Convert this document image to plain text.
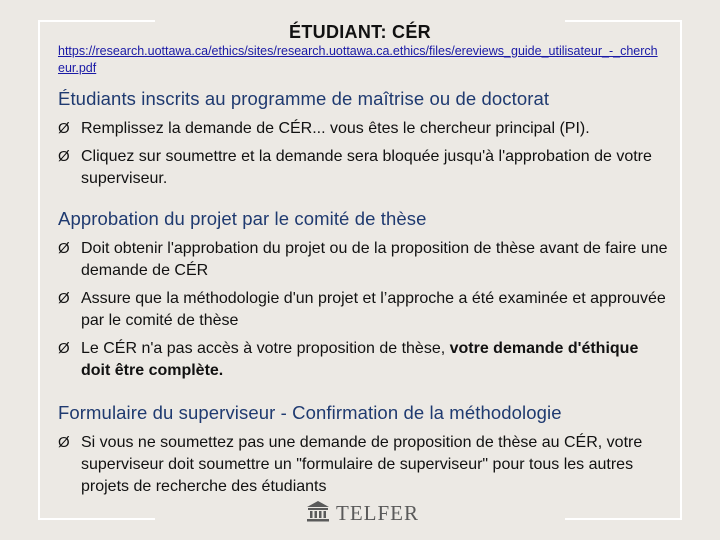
ÉTUDIANT: CÉR
https://research.uottawa.ca/ethics/sites/research.uottawa.ca.ethics/files/ereviews_guide_utilisateur_-_chercheur.pdf
Étudiants inscrits au programme de maîtrise ou de doctorat
Ø Remplissez la demande de CÉR... vous êtes le chercheur principal (PI).
Ø Cliquez sur soumettre et la demande sera bloquée jusqu'à l'approbation de votre superviseur.
Approbation du projet par le comité de thèse
Ø Doit obtenir l'approbation du projet ou de la proposition de thèse avant de faire une demande de CÉR
Ø Assure que la méthodologie d'un projet et l’approche a été examinée et approuvée par le comité de thèse
Ø Le CÉR n'a pas accès à votre proposition de thèse, votre demande d'éthique doit être complète.
Formulaire du superviseur - Confirmation de la méthodologie
Ø Si vous ne soumettez pas une demande de proposition de thèse au CÉR, votre superviseur doit soumettre un "formulaire de superviseur" pour tous les autres projets de recherche des étudiants
TELFER
